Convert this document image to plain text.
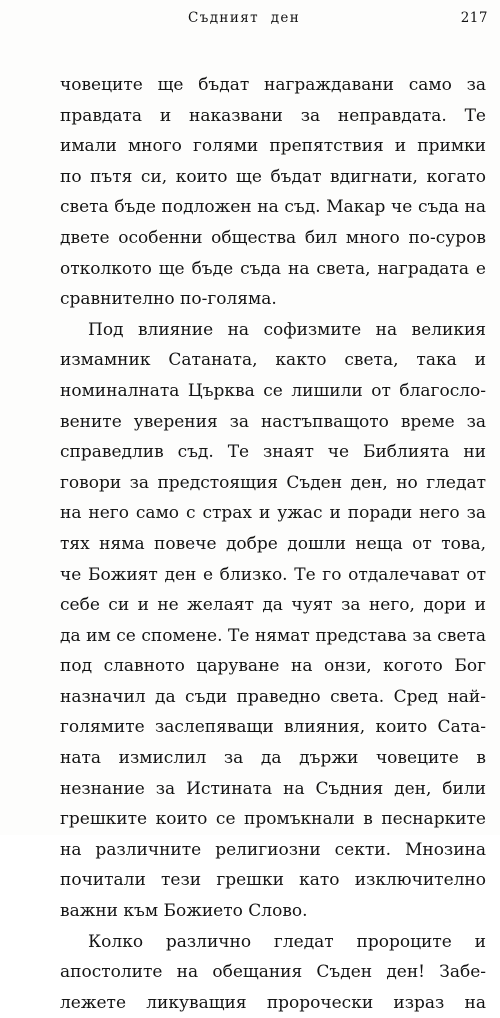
Съдният ден	217
човеците ще бъдат награждавани само за
правдата и наказвани за неправдата. Те
имали много голями препятствия и примки
по пътя си, които ще бъдат вдигнати, когато
света бъде подложен на съд. Макар че съда на
двете особенни общества бил много по-суров
отколкото ще бъде съда на света, наградата е
сравнително по-голяма.
Под влияние на софизмите на великия
измамник Сатаната, както света, така и
номиналната Църква се лишили от благосло-
вените уверения за настъпващото време за
справедлив съд. Те знаят че Библията ни
говори за предстоящия Съден ден, но гледат
на него само с страх и ужас и поради него за
тях няма повече добре дошли неща от това,
че Божият ден е близко. Те го отдалечават от
себе си и не желаят да чуят за него, дори и
да им се спомене. Те нямат представа за света
под славното царуване на онзи, когото Бог
назначил да съди праведно света. Сред най-
голямите заслепяващи влияния, които Сата-
ната измислил за да държи човеците в
незнание за Истината на Съдния ден, били
грешките които се промъкнали в песнарките
на различните религиозни секти. Мнозина
почитали тези грешки като изключително
важни към Божието Слово.
Колко различно гледат пророците и
апостолите на обещания Съден ден! Забе-
лежете ликуващия пророчески израз на
